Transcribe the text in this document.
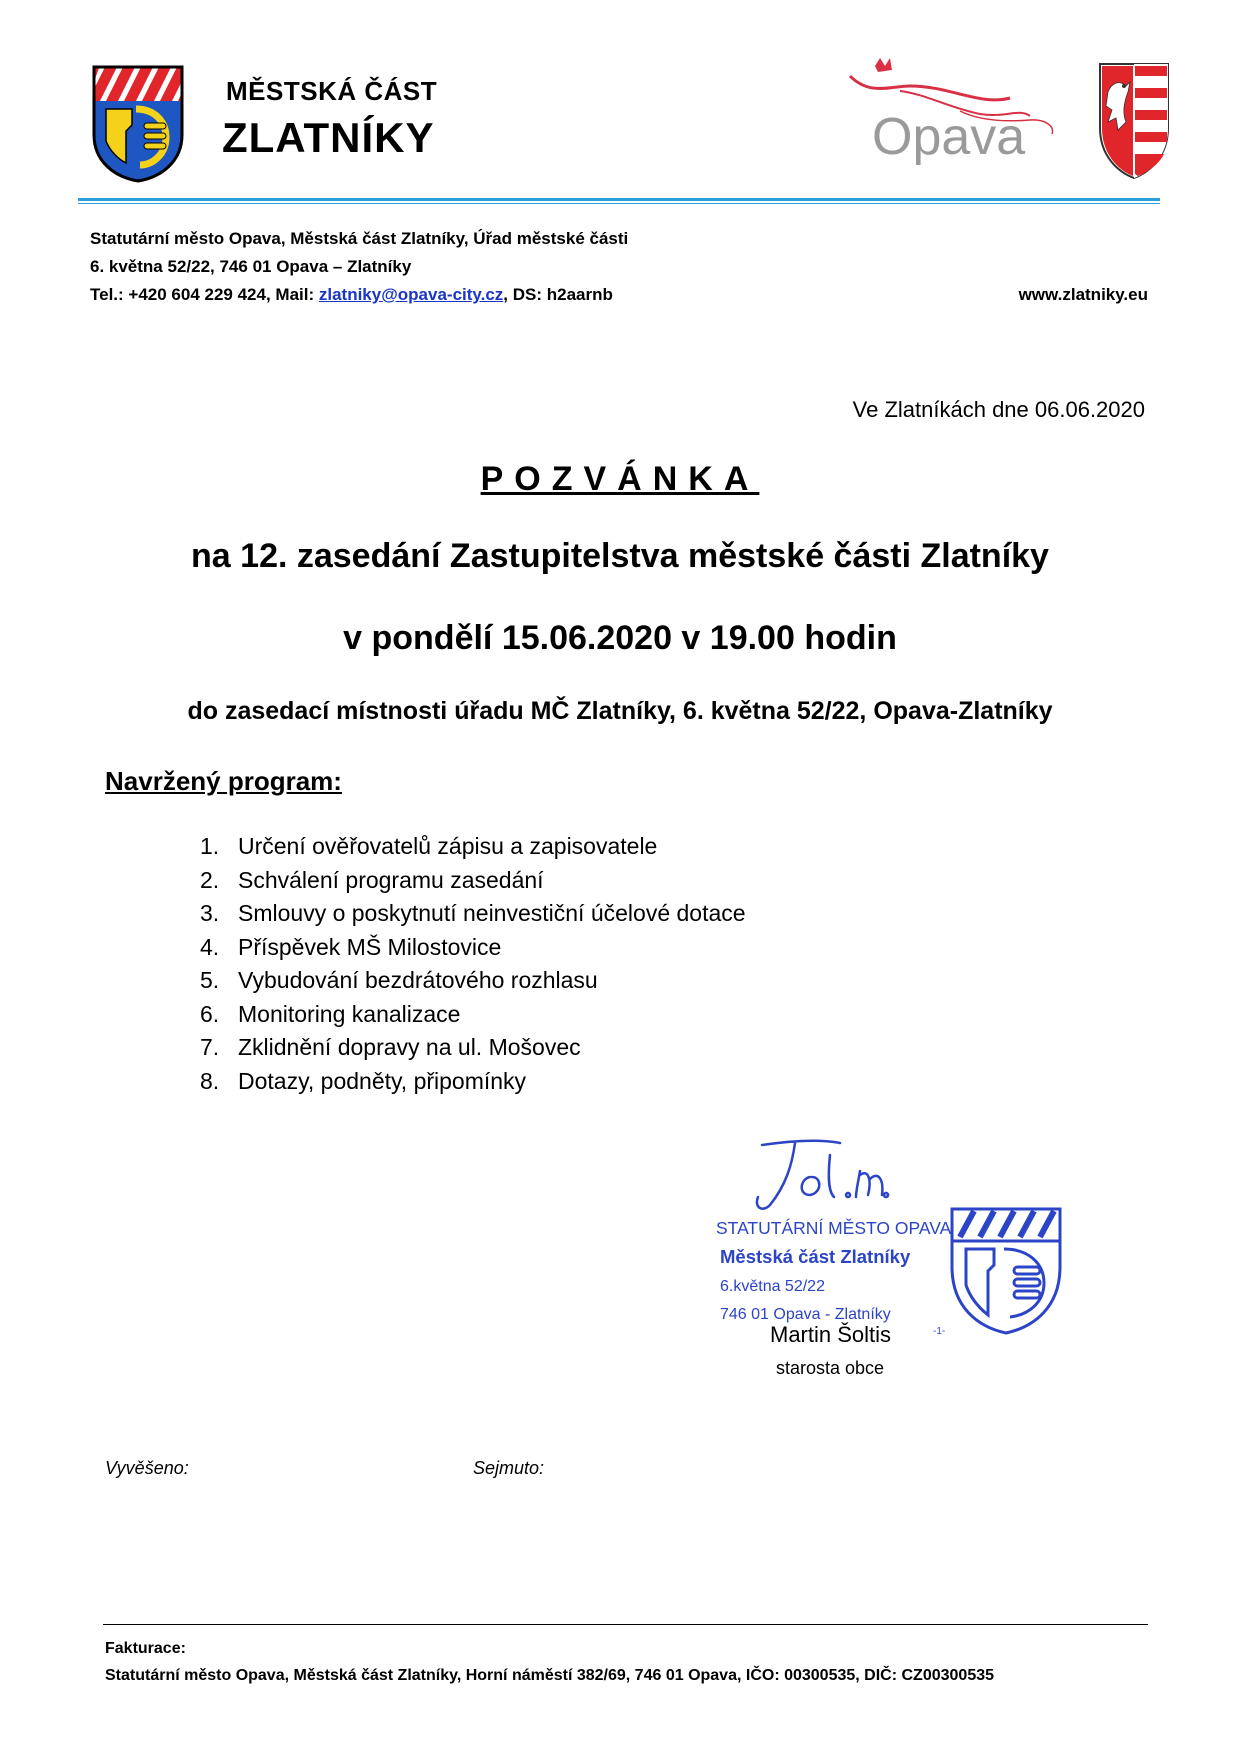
MĚSTSKÁ ČÁST
ZLATNÍKY	Opava
Statutární město Opava, Městská část Zlatníky, Úřad městské části
6. května 52/22, 746 01 Opava – Zlatníky
Tel.: +420 604 229 424, Mail: zlatniky@opava-city.cz, DS: h2aarnb	www.zlatniky.eu
Ve Zlatníkách dne 06.06.2020
POZVÁNKA
na 12. zasedání Zastupitelstva městské části Zlatníky
v pondělí 15.06.2020 v 19.00 hodin
do zasedací místnosti úřadu MČ Zlatníky, 6. května 52/22, Opava-Zlatníky
Navržený program:
1. Určení ověřovatelů zápisu a zapisovatele
2. Schválení programu zasedání
3. Smlouvy o poskytnutí neinvestiční účelové dotace
4. Příspěvek MŠ Milostovice
5. Vybudování bezdrátového rozhlasu
6. Monitoring kanalizace
7. Zklidnění dopravy na ul. Mošovec
8. Dotazy, podněty, připomínky
STATUTÁRNÍ MĚSTO OPAVA
Městská část Zlatníky
6.května 52/22
746 01 Opava - Zlatníky
-1-
Martin Šoltis
starosta obce
Vyvěšeno:	Sejmuto:
Fakturace:
Statutární město Opava, Městská část Zlatníky, Horní náměstí 382/69, 746 01 Opava, IČO: 00300535, DIČ: CZ00300535
